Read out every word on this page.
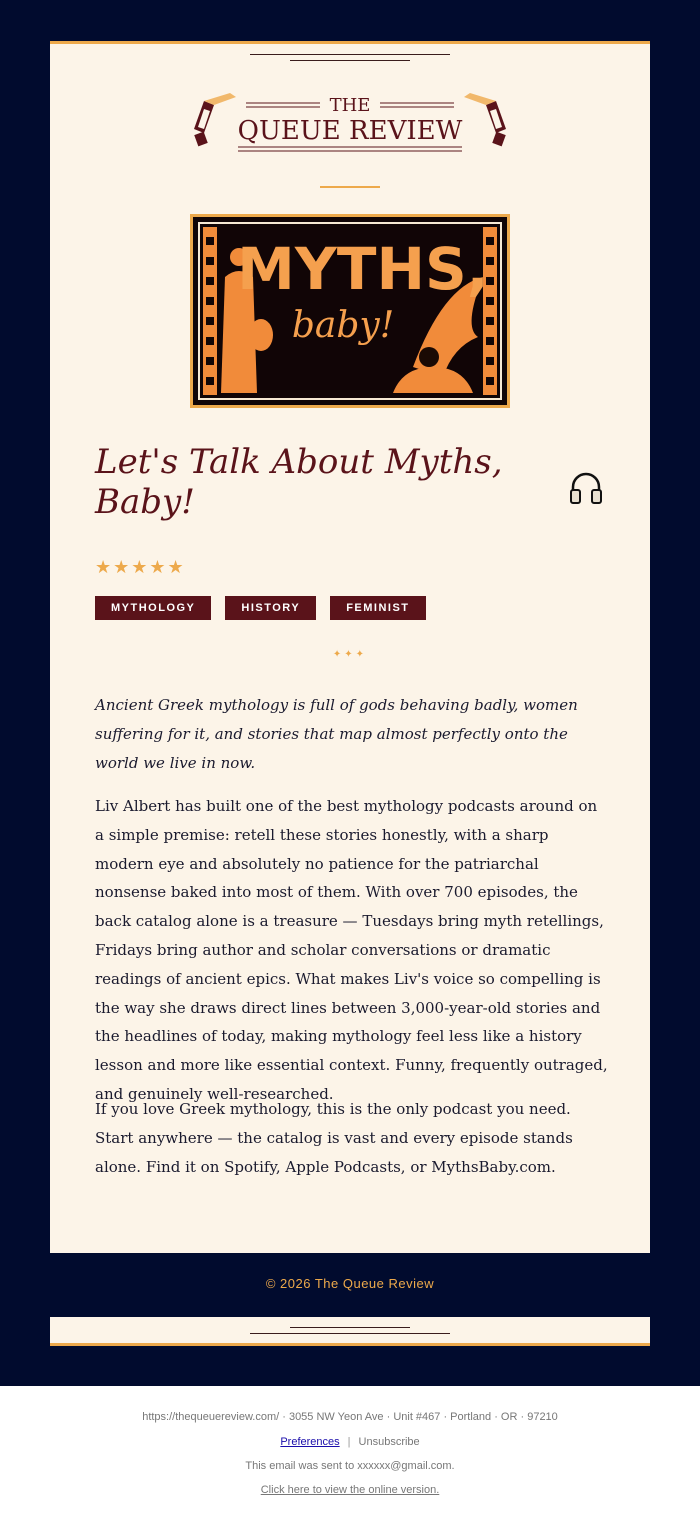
THE
QUEUE REVIEW
MYTHS,
baby!
Let's Talk About Myths, Baby!
★★★★★
MYTHOLOGY	HISTORY	FEMINIST
✦✦✦

Ancient Greek mythology is full of gods behaving badly, women suffering for it, and stories that map almost perfectly onto the world we live in now.

Liv Albert has built one of the best mythology podcasts around on a simple premise: retell these stories honestly, with a sharp modern eye and absolutely no patience for the patriarchal nonsense baked into most of them. With over 700 episodes, the back catalog alone is a treasure — Tuesdays bring myth retellings, Fridays bring author and scholar conversations or dramatic readings of ancient epics. What makes Liv's voice so compelling is the way she draws direct lines between 3,000-year-old stories and the headlines of today, making mythology feel less like a history lesson and more like essential context. Funny, frequently outraged, and genuinely well-researched.

If you love Greek mythology, this is the only podcast you need. Start anywhere — the catalog is vast and every episode stands alone. Find it on Spotify, Apple Podcasts, or MythsBaby.com.

© 2026 The Queue Review
https://thequeuereview.com/ · 3055 NW Yeon Ave · Unit #467 · Portland · OR · 97210
Preferences | Unsubscribe
This email was sent to xxxxxx@gmail.com.
Click here to view the online version.
